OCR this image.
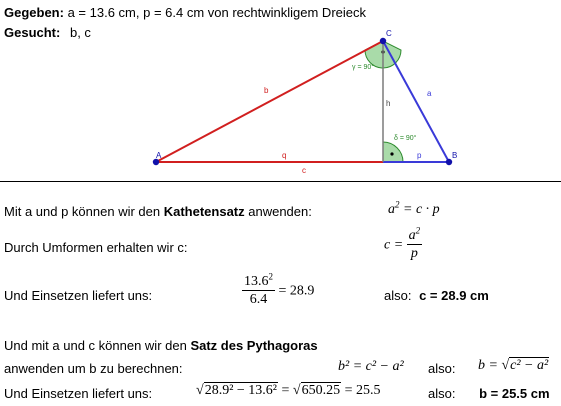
Gegeben: a = 13.6 cm, p = 6.4 cm von rechtwinkligem Dreieck
Gesucht: b, c
A	B
C
b	a
c
q	p
h
γ = 90°
δ = 90°
Mit a und p können wir den Kathetensatz anwenden:	$a^2 = c \cdot p$
Durch Umformen erhalten wir c:	$c = \frac{a^2}{p}$
Und Einsetzen liefert uns:	$\frac{13.6^2}{6.4} = 28.9$	also: c = 28.9 cm
Und mit a und c können wir den Satz des Pythagoras
anwenden um b zu berechnen:	b² = c² − a² also: b = √c² − a²
Und Einsetzen liefert uns:	√28.9² − 13.6² = √650.25 = 25.5	also: b = 25.5 cm
